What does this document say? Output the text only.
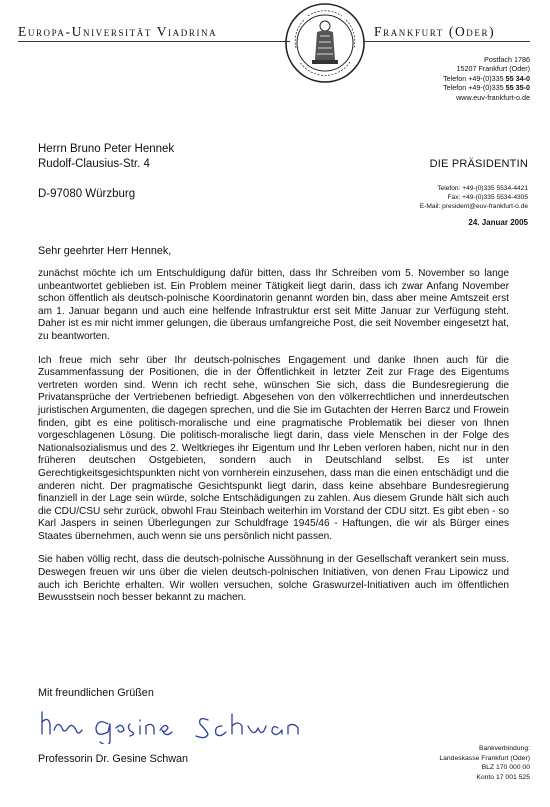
Europa-Universität Viadrina	Frankfurt (Oder)
Postfach 1786
15207 Frankfurt (Oder)
Telefon +49-(0)335 55 34-0
Telefon +49-(0)335 55 35-0
www.euv-frankfurt-o.de
Herrn Bruno Peter Hennek
Rudolf-Clausius-Str. 4
D-97080 Würzburg
DIE PRÄSIDENTIN
Telefon: +49-(0)335 5534-4421
Fax: +49-(0)335 5534-4305
E-Mail: president@euv-frankfurt-o.de
24. Januar 2005
Sehr geehrter Herr Hennek,

zunächst möchte ich um Entschuldigung dafür bitten, dass Ihr Schreiben vom 5. November so lange unbeantwortet geblieben ist. Ein Problem meiner Tätigkeit liegt darin, dass ich zwar Anfang November schon öffentlich als deutsch-polnische Koordinatorin genannt worden bin, dass aber meine Amtszeit erst am 1. Januar begann und auch eine helfende Infrastruktur erst seit Mitte Januar zur Verfügung steht. Daher ist es mir nicht immer gelungen, die überaus umfangreiche Post, die seit November eingesetzt hat, zu beantworten.

Ich freue mich sehr über Ihr deutsch-polnisches Engagement und danke Ihnen auch für die Zusammenfassung der Positionen, die in der Öffentlichkeit in letzter Zeit zur Frage des Eigentums vertreten worden sind. Wenn ich recht sehe, wünschen Sie sich, dass die Bundesregierung die Privatansprüche der Vertriebenen befriedigt. Abgesehen von den völkerrechtlichen und innerdeutschen juristischen Argumenten, die dagegen sprechen, und die Sie im Gutachten der Herren Barcz und Frowein finden, gibt es eine politisch-moralische und eine pragmatische Problematik bei dieser von Ihnen vorgeschlagenen Lösung. Die politisch-moralische liegt darin, dass viele Menschen in der Folge des Nationalsozialismus und des 2. Weltkrieges ihr Eigentum und Ihr Leben verloren haben, nicht nur in den früheren deutschen Ostgebieten, sondern auch in Deutschland selbst. Es ist unter Gerechtigkeitsgesichtspunkten nicht von vornherein einzusehen, dass man die einen entschädigt und die anderen nicht. Der pragmatische Gesichtspunkt liegt darin, dass keine absehbare Bundesregierung finanziell in der Lage sein würde, solche Entschädigungen zu zahlen. Aus diesem Grunde hält sich auch die CDU/CSU sehr zurück, obwohl Frau Steinbach weiterhin im Vorstand der CDU sitzt. Es gibt eben - so Karl Jaspers in seinen Überlegungen zur Schuldfrage 1945/46 - Haftungen, die wir als Bürger eines Staates übernehmen, auch wenn sie uns persönlich nicht passen.

Sie haben völlig recht, dass die deutsch-polnische Aussöhnung in der Gesellschaft verankert sein muss. Deswegen freuen wir uns über die vielen deutsch-polnischen Initiativen, von denen Frau Lipowicz und auch ich Berichte erhalten. Wir wollen versuchen, solche Graswurzel-Initiativen auch im öffentlichen Bewusstsein noch besser bekannt zu machen.

Mit freundlichen Grüßen
Professorin Dr. Gesine Schwan
Bankverbindung:
Landeskasse Frankfurt (Oder)
BLZ 170 000 00
Konto 17 001 525
